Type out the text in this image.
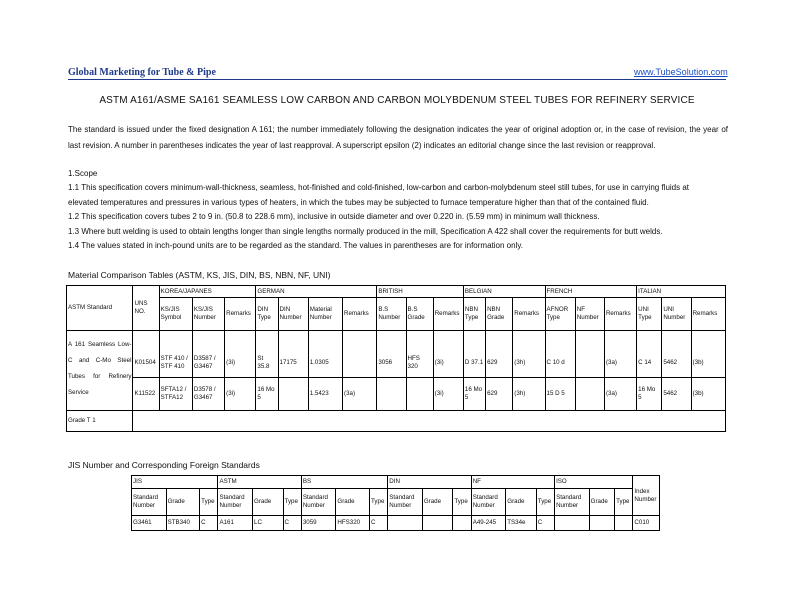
Global Marketing for Tube & Pipe	www.TubeSolution.com
ASTM A161/ASME SA161 SEAMLESS LOW CARBON AND CARBON MOLYBDENUM STEEL TUBES FOR REFINERY SERVICE
The standard is issued under the fixed designation A 161; the number immediately following the designation indicates the year of original adoption or, in the case of revision, the year of last revision. A number in parentheses indicates the year of last reapproval. A superscript epsilon (2) indicates an editorial change since the last revision or reapproval.
1.Scope
1.1 This specification covers minimum-wall-thickness, seamless, hot-finished and cold-finished, low-carbon and carbon-molybdenum steel still tubes, for use in carrying fluids at
elevated temperatures and pressures in various types of heaters, in which the tubes may be subjected to furnace temperature higher than that of the contained fluid.
1.2 This specification covers tubes 2 to 9 in. (50.8 to 228.6 mm), inclusive in outside diameter and over 0.220 in. (5.59 mm) in minimum wall thickness.
1.3 Where butt welding is used to obtain lengths longer than single lengths normally produced in the mill, Specification A 422 shall cover the requirements for butt welds.
1.4 The values stated in inch-pound units are to be regarded as the standard. The values in parentheses are for information only.
Material Comparison Tables (ASTM, KS, JIS, DIN, BS, NBN, NF, UNI)
ASTM Standard	UNS NO.	KOREA/JAPANES			GERMAN				BRITISH			BELGIAN			FRENCH			ITALIAN		
		KS/JIS Symbol	KS/JIS Number	Remarks	DIN Type	DIN Number	Material Number	Remarks	B.S Number	B.S Grade	Remarks	NBN Type	NBN Grade	Remarks	AFNOR Type	NF Number	Remarks	UNI Type	UNI Number	Remarks
A 161 Seamless Low-C and C-Mo Steel Tubes for Refinery Service	K01504	STF 410 / STF 410	D3587 / G3467	(3i)	St 35.8	17175	1.0305		3056	HFS 320	(3i)	D 37.1	629	(3h)	C 10 d		(3a)	C 14	5462	(3b)
	K11522	SFTA12 / STFA12	D3578 / G3467	(3i)	16 Mo 5		1.5423	(3a)			(3i)	16 Mo 5	629	(3h)	15 D 5		(3a)	16 Mo 5	5462	(3b)
Grade T 1																				
JIS Number and Corresponding Foreign Standards
JIS			ASTM			BS			DIN			NF			ISO			Index Number
Standard Number	Grade	Type	Standard Number	Grade	Type	Standard Number	Grade	Type	Standard Number	Grade	Type	Standard Number	Grade	Type	Standard Number	Grade	Type	
G3461	STB340	C	A161	LC	C	3059	HFS320	C				A49-245	TS34e	C				C010
